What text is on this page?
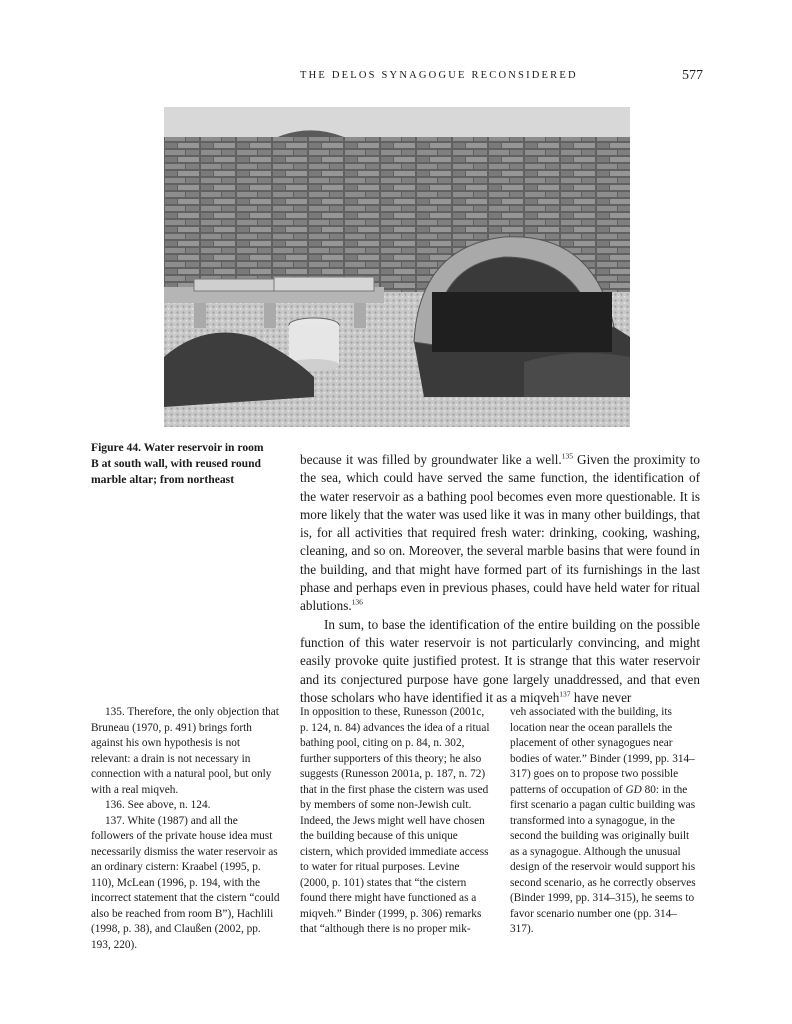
THE DELOS SYNAGOGUE RECONSIDERED	577
Figure 44. Water reservoir in room B at south wall, with reused round marble altar; from northeast

because it was filled by groundwater like a well.$^{135}$ Given the proximity to the sea, which could have served the same function, the identification of the water reservoir as a bathing pool becomes even more questionable. It is more likely that the water was used like it was in many other buildings, that is, for all activities that required fresh water: drinking, cooking, washing, cleaning, and so on. Moreover, the several marble basins that were found in the building, and that might have formed part of its furnishings in the last phase and perhaps even in previous phases, could have held water for ritual ablutions.$^{136}$

In sum, to base the identification of the entire building on the possible function of this water reservoir is not particularly convincing, and might easily provoke quite justified protest. It is strange that this water reservoir and its conjectured purpose have gone largely unaddressed, and that even those scholars who have identified it as a miqveh$^{137}$ have never

135. Therefore, the only objection that Bruneau (1970, p. 491) brings forth against his own hypothesis is not relevant: a drain is not necessary in connection with a natural pool, but only with a real miqveh.

136. See above, n. 124.

137. White (1987) and all the followers of the private house idea must necessarily dismiss the water reservoir as an ordinary cistern: Kraabel (1995, p. 110), McLean (1996, p. 194, with the incorrect statement that the cistern “could also be reached from room B”), Hachlili (1998, p. 38), and Claußen (2002, pp. 193, 220).

In opposition to these, Runesson (2001c, p. 124, n. 84) advances the idea of a ritual bathing pool, citing on p. 84, n. 302, further supporters of this theory; he also suggests (Runesson 2001a, p. 187, n. 72) that in the first phase the cistern was used by members of some non-Jewish cult. Indeed, the Jews might well have chosen the building because of this unique cistern, which provided immediate access to water for ritual purposes. Levine (2000, p. 101) states that “the cistern found there might have functioned as a miqveh.” Binder (1999, p. 306) remarks that “although there is no proper mik-

veh associated with the building, its location near the ocean parallels the placement of other synagogues near bodies of water.” Binder (1999, pp. 314–317) goes on to propose two possible patterns of occupation of GD 80: in the first scenario a pagan cultic building was transformed into a synagogue, in the second the building was originally built as a synagogue. Although the unusual design of the reservoir would support his second scenario, as he correctly observes (Binder 1999, pp. 314–315), he seems to favor scenario number one (pp. 314–317).
